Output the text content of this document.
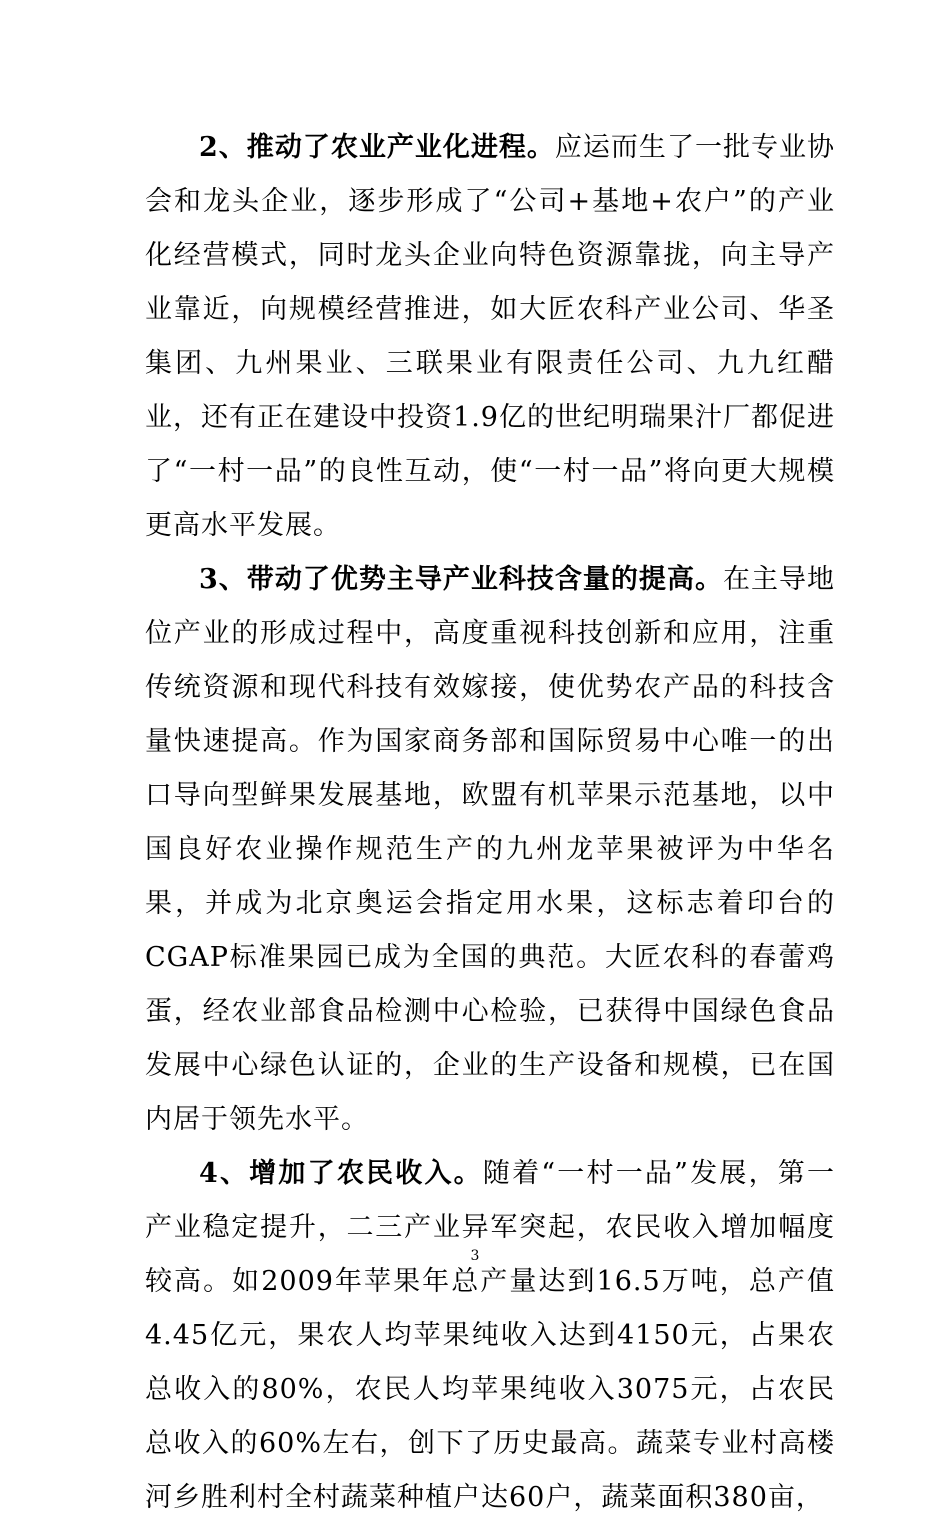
2、推动了农业产业化进程。应运而生了一批专业协会和龙头企业，逐步形成了“公司+基地+农户”的产业化经营模式，同时龙头企业向特色资源靠拢，向主导产业靠近，向规模经营推进，如大匠农科产业公司、华圣集团、九州果业、三联果业有限责任公司、九九红醋业，还有正在建设中投资1.9亿的世纪明瑞果汁厂都促进了“一村一品”的良性互动，使“一村一品”将向更大规模更高水平发展。

3、带动了优势主导产业科技含量的提高。在主导地位产业的形成过程中，高度重视科技创新和应用，注重传统资源和现代科技有效嫁接，使优势农产品的科技含量快速提高。作为国家商务部和国际贸易中心唯一的出口导向型鲜果发展基地，欧盟有机苹果示范基地，以中国良好农业操作规范生产的九州龙苹果被评为中华名果，并成为北京奥运会指定用水果，这标志着印台的CGAP标准果园已成为全国的典范。大匠农科的春蕾鸡蛋，经农业部食品检测中心检验，已获得中国绿色食品发展中心绿色认证的，企业的生产设备和规模，已在国内居于领先水平。

4、增加了农民收入。随着“一村一品”发展，第一产业稳定提升，二三产业异军突起，农民收入增加幅度较高。如2009年苹果年总产量达到16.5万吨，总产值4.45亿元，果农人均苹果纯收入达到4150元，占果农总收入的80%，农民人均苹果纯收入3075元，占农民总收入的60%左右，创下了历史最高。蔬菜专业村高楼河乡胜利村全村蔬菜种植户达60户，蔬菜面积380亩，

3
